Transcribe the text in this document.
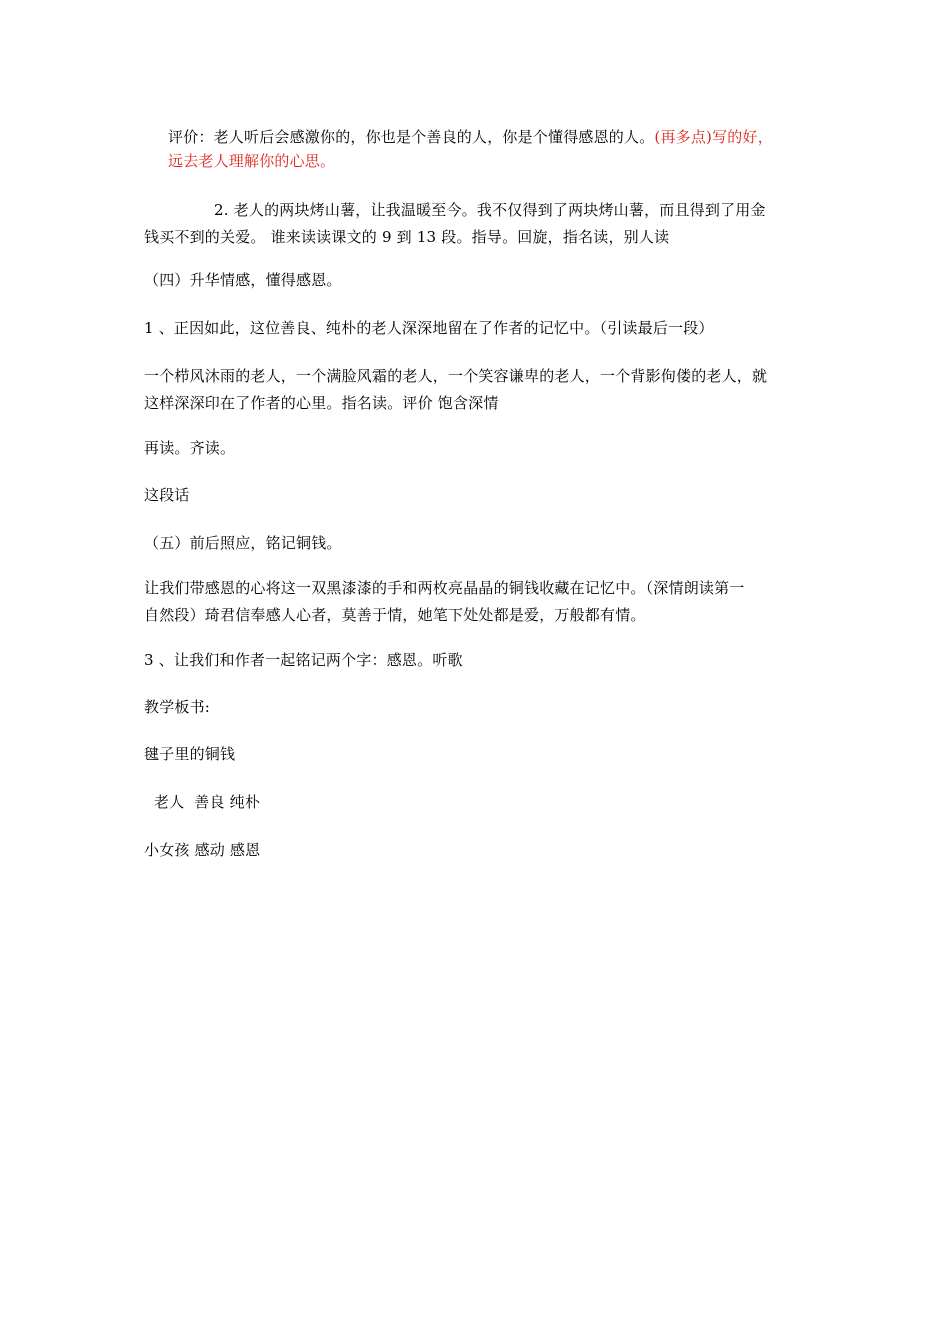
评价：老人听后会感激你的，你也是个善良的人，你是个懂得感恩的人。(再多点)写的好，
远去老人理解你的心思。
2. 老人的两块烤山薯，让我温暖至今。我不仅得到了两块烤山薯，而且得到了用金
钱买不到的关爱。 谁来读读课文的 9 到 13 段。指导。回旋，指名读，别人读
（四）升华情感，懂得感恩。
1 、正因如此，这位善良、纯朴的老人深深地留在了作者的记忆中。（引读最后一段）
一个栉风沐雨的老人，一个满脸风霜的老人，一个笑容谦卑的老人，一个背影佝偻的老人，就
这样深深印在了作者的心里。指名读。评价 饱含深情
再读。齐读。
这段话
（五）前后照应，铭记铜钱。
让我们带感恩的心将这一双黑漆漆的手和两枚亮晶晶的铜钱收藏在记忆中。（深情朗读第一
自然段）琦君信奉感人心者，莫善于情，她笔下处处都是爱，万般都有情。
3 、让我们和作者一起铭记两个字：感恩。听歌
教学板书:
毽子里的铜钱
老人  善良 纯朴
小女孩 感动 感恩
